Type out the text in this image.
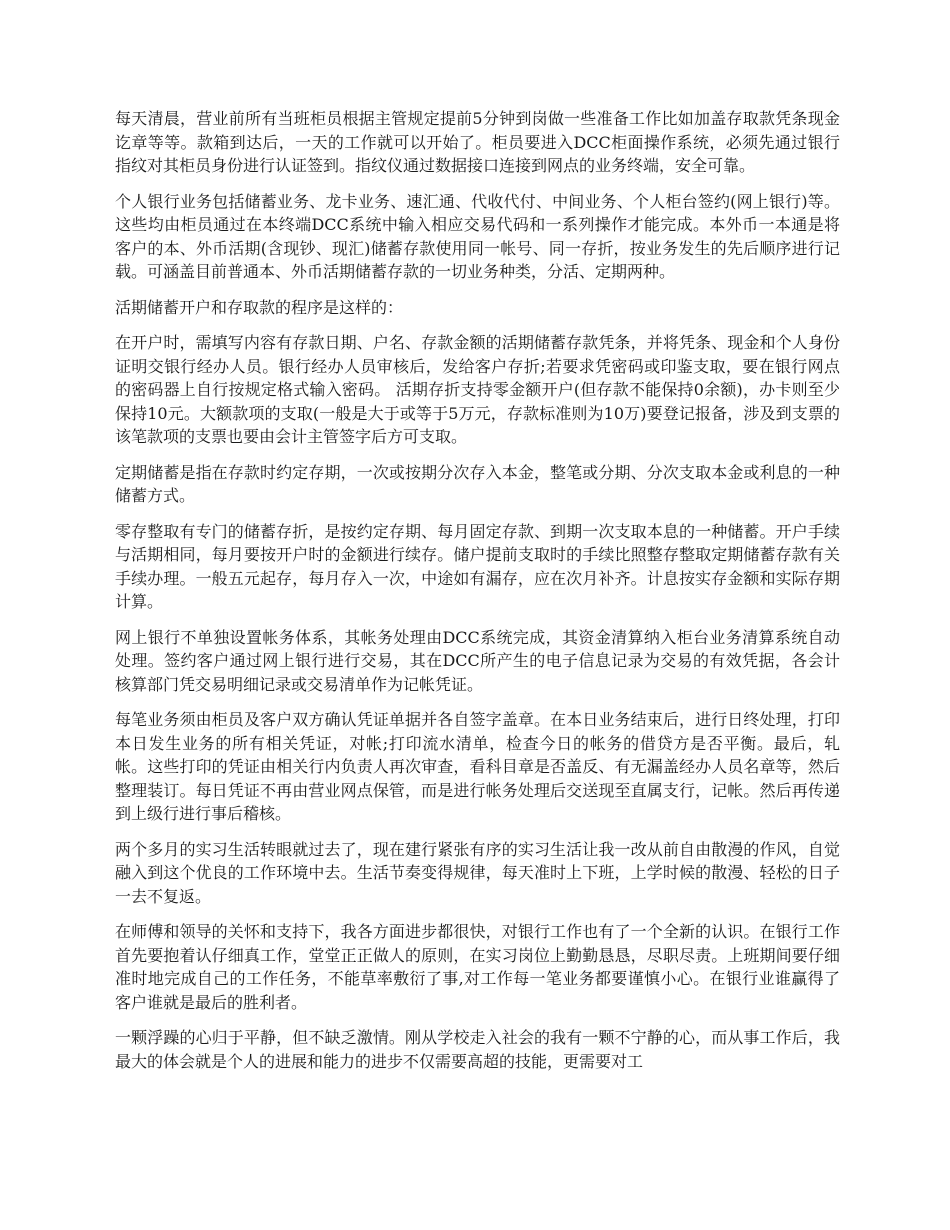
每天清晨，营业前所有当班柜员根据主管规定提前5分钟到岗做一些准备工作比如加盖存取款凭条现金讫章等等。款箱到达后，一天的工作就可以开始了。柜员要进入DCC柜面操作系统，必须先通过银行指纹对其柜员身份进行认证签到。指纹仪通过数据接口连接到网点的业务终端，安全可靠。

个人银行业务包括储蓄业务、龙卡业务、速汇通、代收代付、中间业务、个人柜台签约(网上银行)等。这些均由柜员通过在本终端DCC系统中输入相应交易代码和一系列操作才能完成。本外币一本通是将客户的本、外币活期(含现钞、现汇)储蓄存款使用同一帐号、同一存折，按业务发生的先后顺序进行记载。可涵盖目前普通本、外币活期储蓄存款的一切业务种类，分活、定期两种。

活期储蓄开户和存取款的程序是这样的：

在开户时，需填写内容有存款日期、户名、存款金额的活期储蓄存款凭条，并将凭条、现金和个人身份证明交银行经办人员。银行经办人员审核后，发给客户存折;若要求凭密码或印鉴支取，要在银行网点的密码器上自行按规定格式输入密码。 活期存折支持零金额开户(但存款不能保持0余额)，办卡则至少保持10元。大额款项的支取(一般是大于或等于5万元，存款标准则为10万)要登记报备，涉及到支票的该笔款项的支票也要由会计主管签字后方可支取。

定期储蓄是指在存款时约定存期，一次或按期分次存入本金，整笔或分期、分次支取本金或利息的一种储蓄方式。

零存整取有专门的储蓄存折，是按约定存期、每月固定存款、到期一次支取本息的一种储蓄。开户手续与活期相同，每月要按开户时的金额进行续存。储户提前支取时的手续比照整存整取定期储蓄存款有关手续办理。一般五元起存，每月存入一次，中途如有漏存，应在次月补齐。计息按实存金额和实际存期计算。

网上银行不单独设置帐务体系，其帐务处理由DCC系统完成，其资金清算纳入柜台业务清算系统自动处理。签约客户通过网上银行进行交易，其在DCC所产生的电子信息记录为交易的有效凭据，各会计核算部门凭交易明细记录或交易清单作为记帐凭证。

每笔业务须由柜员及客户双方确认凭证单据并各自签字盖章。在本日业务结束后，进行日终处理，打印本日发生业务的所有相关凭证，对帐;打印流水清单，检查今日的帐务的借贷方是否平衡。最后，轧帐。这些打印的凭证由相关行内负责人再次审查，看科目章是否盖反、有无漏盖经办人员名章等，然后整理装订。每日凭证不再由营业网点保管，而是进行帐务处理后交送现至直属支行，记帐。然后再传递到上级行进行事后稽核。

两个多月的实习生活转眼就过去了，现在建行紧张有序的实习生活让我一改从前自由散漫的作风，自觉融入到这个优良的工作环境中去。生活节奏变得规律，每天准时上下班，上学时候的散漫、轻松的日子一去不复返。

在师傅和领导的关怀和支持下，我各方面进步都很快，对银行工作也有了一个全新的认识。在银行工作首先要抱着认仔细真工作，堂堂正正做人的原则，在实习岗位上勤勤恳恳，尽职尽责。上班期间要仔细准时地完成自己的工作任务，不能草率敷衍了事,对工作每一笔业务都要谨慎小心。在银行业谁赢得了客户谁就是最后的胜利者。

一颗浮躁的心归于平静，但不缺乏激情。刚从学校走入社会的我有一颗不宁静的心，而从事工作后，我最大的体会就是个人的进展和能力的进步不仅需要高超的技能，更需要对工
